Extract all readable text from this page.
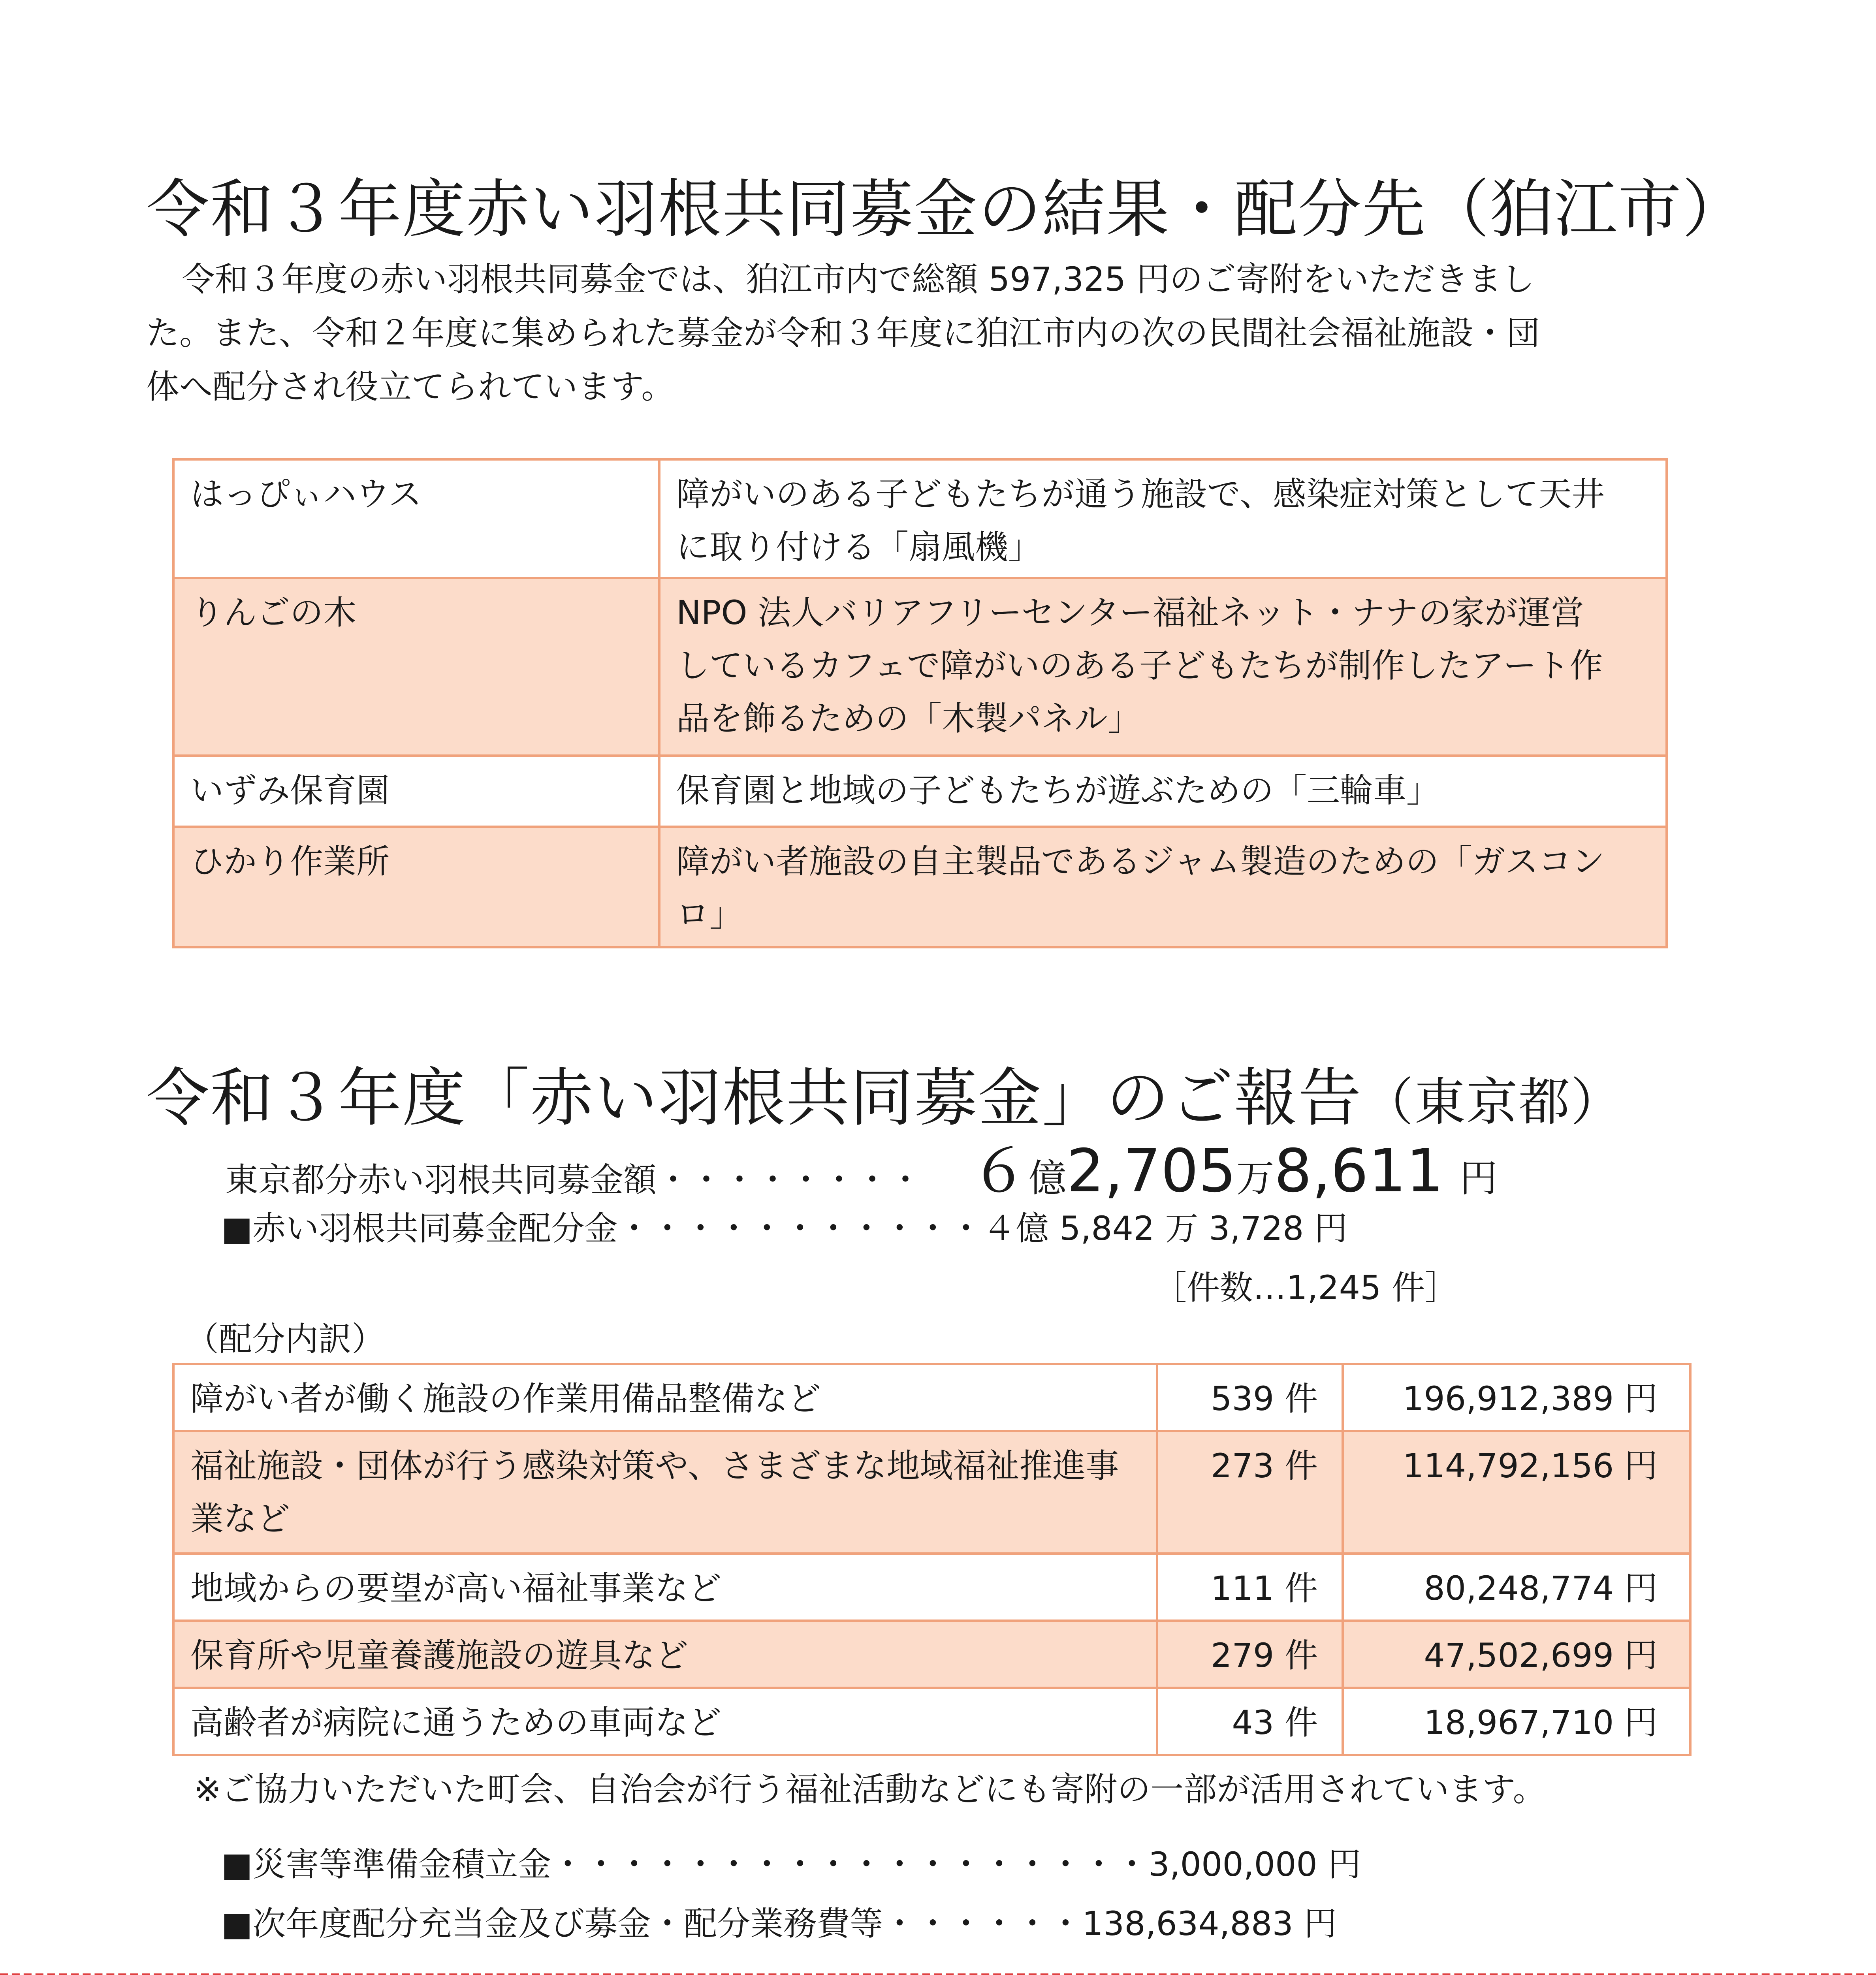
令和３年度赤い羽根共同募金の結果・配分先（狛江市）
令和３年度の赤い羽根共同募金では、狛江市内で総額 597,325 円のご寄附をいただきまし
た。また、令和２年度に集められた募金が令和３年度に狛江市内の次の民間社会福祉施設・団
体へ配分され役立てられています。
はっぴぃハウス	障がいのある子どもたちが通う施設で、感染症対策として天井
に取り付ける「扇風機」

りんごの木	NPO 法人バリアフリーセンター福祉ネット・ナナの家が運営
しているカフェで障がいのある子どもたちが制作したアート作
品を飾るための「木製パネル」

いずみ保育園	保育園と地域の子どもたちが遊ぶための「三輪車」

ひかり作業所	障がい者施設の自主製品であるジャム製造のための「ガスコン
ロ」
令和３年度「赤い羽根共同募金」のご報告（東京都）
東京都分赤い羽根共同募金額・・・・・・・・ ６億2,705万8,611 円
■赤い羽根共同募金配分金・・・・・・・・・・・４億 5,842 万 3,728 円
［件数…1,245 件］
（配分内訳）
障がい者が働く施設の作業用備品整備など	539 件	196,912,389 円

福祉施設・団体が行う感染対策や、さまざまな地域福祉推進事
業など	273 件	114,792,156 円
地域からの要望が高い福祉事業など	111 件	80,248,774 円
保育所や児童養護施設の遊具など	279 件	47,502,699 円
高齢者が病院に通うための車両など	43 件	18,967,710 円
※ご協力いただいた町会、自治会が行う福祉活動などにも寄附の一部が活用されています。
■災害等準備金積立金・・・・・・・・・・・・・・・・・・3,000,000 円
■次年度配分充当金及び募金・配分業務費等・・・・・・138,634,883 円
